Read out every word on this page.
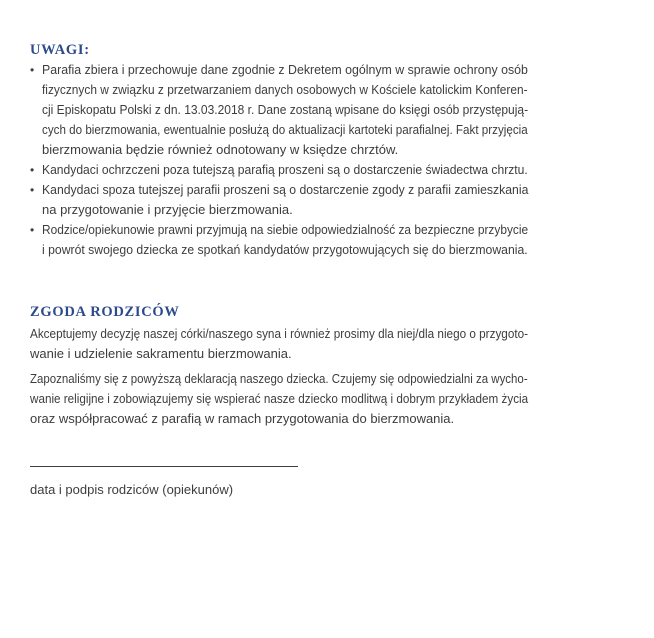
UWAGI:
• Parafia zbiera i przechowuje dane zgodnie z Dekretem ogólnym w sprawie ochrony osób
fizycznych w związku z przetwarzaniem danych osobowych w Kościele katolickim Konferen-
cji Episkopatu Polski z dn. 13.03.2018 r. Dane zostaną wpisane do księgi osób przystępują-
cych do bierzmowania, ewentualnie posłużą do aktualizacji kartoteki parafialnej. Fakt przyjęcia
bierzmowania będzie również odnotowany w księdze chrztów.
• Kandydaci ochrzczeni poza tutejszą parafią proszeni są o dostarczenie świadectwa chrztu.
• Kandydaci spoza tutejszej parafii proszeni są o dostarczenie zgody z parafii zamieszkania
na przygotowanie i przyjęcie bierzmowania.
• Rodzice/opiekunowie prawni przyjmują na siebie odpowiedzialność za bezpieczne przybycie
i powrót swojego dziecka ze spotkań kandydatów przygotowujących się do bierzmowania.
ZGODA RODZICÓW
Akceptujemy decyzję naszej córki/naszego syna i również prosimy dla niej/dla niego o przygoto-
wanie i udzielenie sakramentu bierzmowania.
Zapoznaliśmy się z powyższą deklaracją naszego dziecka. Czujemy się odpowiedzialni za wycho-
wanie religijne i zobowiązujemy się wspierać nasze dziecko modlitwą i dobrym przykładem życia
oraz współpracować z parafią w ramach przygotowania do bierzmowania.
data i podpis rodziców (opiekunów)
